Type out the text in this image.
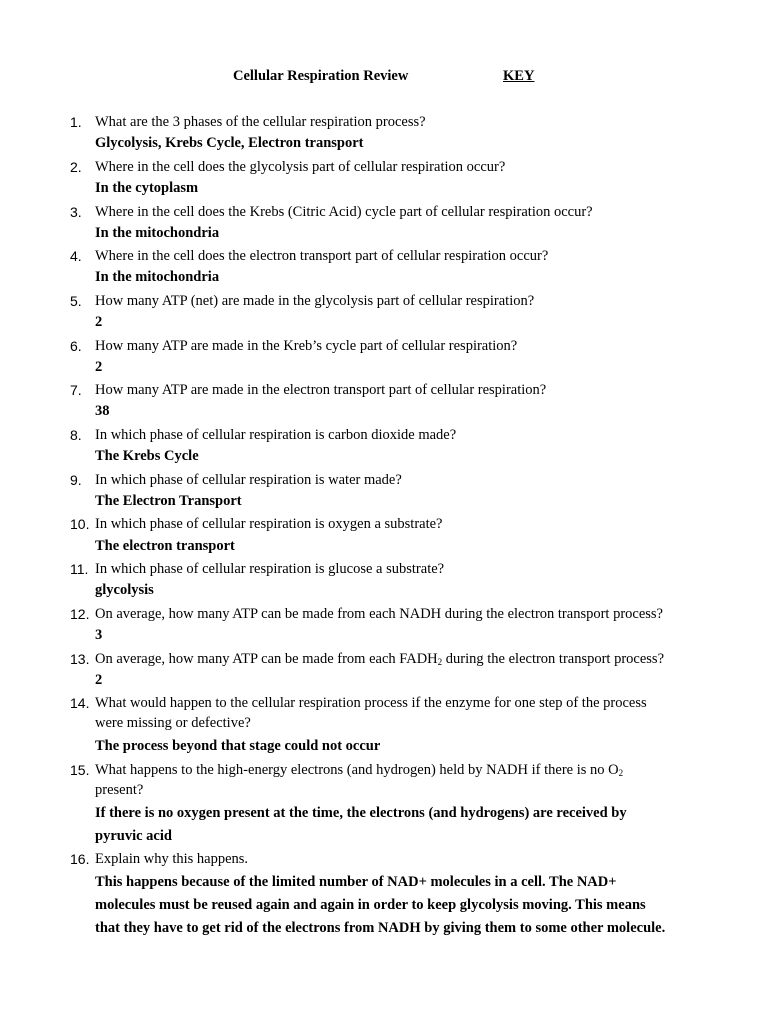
Cellular Respiration Review	KEY
1. What are the 3 phases of the cellular respiration process?
Glycolysis, Krebs Cycle, Electron transport
2. Where in the cell does the glycolysis part of cellular respiration occur?
In the cytoplasm
3. Where in the cell does the Krebs (Citric Acid) cycle part of cellular respiration occur?
In the mitochondria
4. Where in the cell does the electron transport part of cellular respiration occur?
In the mitochondria
5. How many ATP (net) are made in the glycolysis part of cellular respiration?
2
6. How many ATP are made in the Kreb’s cycle part of cellular respiration?
2
7. How many ATP are made in the electron transport part of cellular respiration?
38
8. In which phase of cellular respiration is carbon dioxide made?
The Krebs Cycle
9. In which phase of cellular respiration is water made?
The Electron Transport
10. In which phase of cellular respiration is oxygen a substrate?
The electron transport
11. In which phase of cellular respiration is glucose a substrate?
glycolysis
12. On average, how many ATP can be made from each NADH during the electron transport process?
3
13. On average, how many ATP can be made from each $FADH_2$ during the electron transport process?
2
14. What would happen to the cellular respiration process if the enzyme for one step of the process
were missing or defective?
The process beyond that stage could not occur
15. What happens to the high-energy electrons (and hydrogen) held by NADH if there is no $O_2$
present?
If there is no oxygen present at the time, the electrons (and hydrogens) are received by
pyruvic acid
16. Explain why this happens.
This happens because of the limited number of NAD+ molecules in a cell. The NAD+
molecules must be reused again and again in order to keep glycolysis moving. This means
that they have to get rid of the electrons from NADH by giving them to some other molecule.
